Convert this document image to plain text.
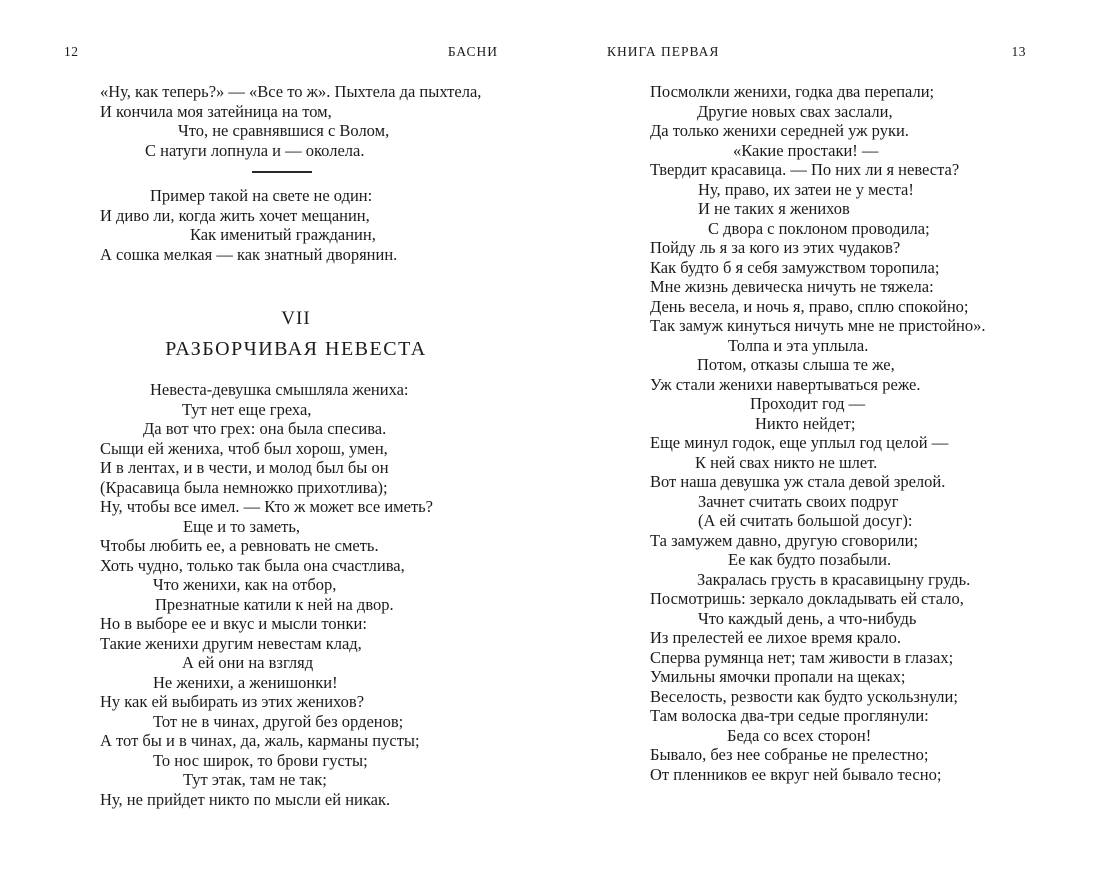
12	БАСНИ
«Ну, как теперь?» — «Все то ж». Пыхтела да пыхтела,
И кончила моя затейница на том,
Что, не сравнявшися с Волом,
С натуги лопнула и — околела.
Пример такой на свете не один:
И диво ли, когда жить хочет мещанин,
Как именитый гражданин,
А сошка мелкая — как знатный дворянин.
VII
РАЗБОРЧИВАЯ НЕВЕСТА
Невеста-девушка смышляла жениха:
Тут нет еще греха,
Да вот что грех: она была спесива.
Сыщи ей жениха, чтоб был хорош, умен,
И в лентах, и в чести, и молод был бы он
(Красавица была немножко прихотлива);
Ну, чтобы все имел. — Кто ж может все иметь?
Еще и то заметь,
Чтобы любить ее, а ревновать не сметь.
Хоть чудно, только так была она счастлива,
Что женихи, как на отбор,
Презнатные катили к ней на двор.
Но в выборе ее и вкус и мысли тонки:
Такие женихи другим невестам клад,
А ей они на взгляд
Не женихи, а женишонки!
Ну как ей выбирать из этих женихов?
Тот не в чинах, другой без орденов;
А тот бы и в чинах, да, жаль, карманы пусты;
То нос широк, то брови густы;
Тут этак, там не так;
Ну, не прийдет никто по мысли ей никак.
КНИГА ПЕРВАЯ	13
Посмолкли женихи, годка два перепали;
Другие новых свах заслали,
Да только женихи середней уж руки.
«Какие простаки! —
Твердит красавица. — По них ли я невеста?
Ну, право, их затеи не у места!
И не таких я женихов
С двора с поклоном проводила;
Пойду ль я за кого из этих чудаков?
Как будто б я себя замужством торопила;
Мне жизнь девическа ничуть не тяжела:
День весела, и ночь я, право, сплю спокойно;
Так замуж кинуться ничуть мне не пристойно».
Толпа и эта уплыла.
Потом, отказы слыша те же,
Уж стали женихи навертываться реже.
Проходит год —
Никто нейдет;
Еще минул годок, еще уплыл год целой —
К ней свах никто не шлет.
Вот наша девушка уж стала девой зрелой.
Зачнет считать своих подруг
(А ей считать большой досуг):
Та замужем давно, другую сговорили;
Ее как будто позабыли.
Закралась грусть в красавицыну грудь.
Посмотришь: зеркало докладывать ей стало,
Что каждый день, а что-нибудь
Из прелестей ее лихое время крало.
Сперва румянца нет; там живости в глазах;
Умильны ямочки пропали на щеках;
Веселость, резвости как будто ускользнули;
Там волоска два-три седые проглянули:
Беда со всех сторон!
Бывало, без нее собранье не прелестно;
От пленников ее вкруг ней бывало тесно;
